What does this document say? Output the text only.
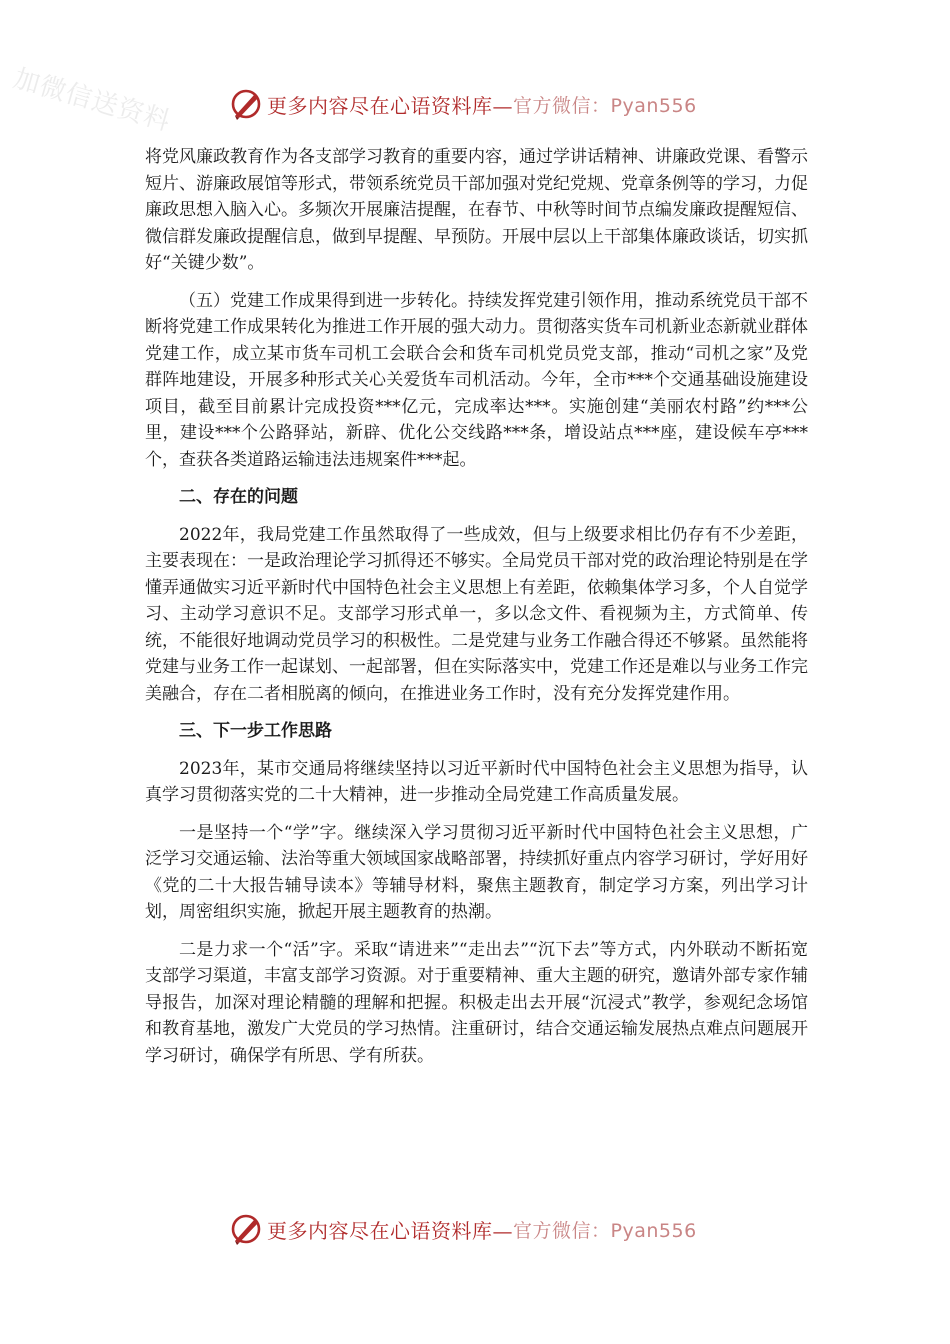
加微信送资料	更多内容尽在心语资料库— 官方微信：Pyan556

将党风廉政教育作为各支部学习教育的重要内容，通过学讲话精神、讲廉政党课、看警示短片、游廉政展馆等形式，带领系统党员干部加强对党纪党规、党章条例等的学习，力促廉政思想入脑入心。多频次开展廉洁提醒，在春节、中秋等时间节点编发廉政提醒短信、微信群发廉政提醒信息，做到早提醒、早预防。开展中层以上干部集体廉政谈话，切实抓好“关键少数”。

（五）党建工作成果得到进一步转化。持续发挥党建引领作用，推动系统党员干部不断将党建工作成果转化为推进工作开展的强大动力。贯彻落实货车司机新业态新就业群体党建工作，成立某市货车司机工会联合会和货车司机党员党支部，推动“司机之家”及党群阵地建设，开展多种形式关心关爱货车司机活动。今年，全市***个交通基础设施建设项目，截至目前累计完成投资***亿元，完成率达***。实施创建“美丽农村路”约***公里，建设***个公路驿站，新辟、优化公交线路***条，增设站点***座，建设候车亭***个，查获各类道路运输违法违规案件***起。

二、存在的问题

2022年，我局党建工作虽然取得了一些成效，但与上级要求相比仍存有不少差距，主要表现在：一是政治理论学习抓得还不够实。全局党员干部对党的政治理论特别是在学懂弄通做实习近平新时代中国特色社会主义思想上有差距，依赖集体学习多，个人自觉学习、主动学习意识不足。支部学习形式单一，多以念文件、看视频为主，方式简单、传统，不能很好地调动党员学习的积极性。二是党建与业务工作融合得还不够紧。虽然能将党建与业务工作一起谋划、一起部署，但在实际落实中，党建工作还是难以与业务工作完美融合，存在二者相脱离的倾向，在推进业务工作时，没有充分发挥党建作用。

三、下一步工作思路

2023年，某市交通局将继续坚持以习近平新时代中国特色社会主义思想为指导，认真学习贯彻落实党的二十大精神，进一步推动全局党建工作高质量发展。

一是坚持一个“学”字。继续深入学习贯彻习近平新时代中国特色社会主义思想，广泛学习交通运输、法治等重大领域国家战略部署，持续抓好重点内容学习研讨，学好用好《党的二十大报告辅导读本》等辅导材料，聚焦主题教育，制定学习方案，列出学习计划，周密组织实施，掀起开展主题教育的热潮。

二是力求一个“活”字。采取“请进来”“走出去”“沉下去”等方式，内外联动不断拓宽支部学习渠道，丰富支部学习资源。对于重要精神、重大主题的研究，邀请外部专家作辅导报告，加深对理论精髓的理解和把握。积极走出去开展“沉浸式”教学，参观纪念场馆和教育基地，激发广大党员的学习热情。注重研讨，结合交通运输发展热点难点问题展开学习研讨，确保学有所思、学有所获。

更多内容尽在心语资料库— 官方微信：Pyan556
